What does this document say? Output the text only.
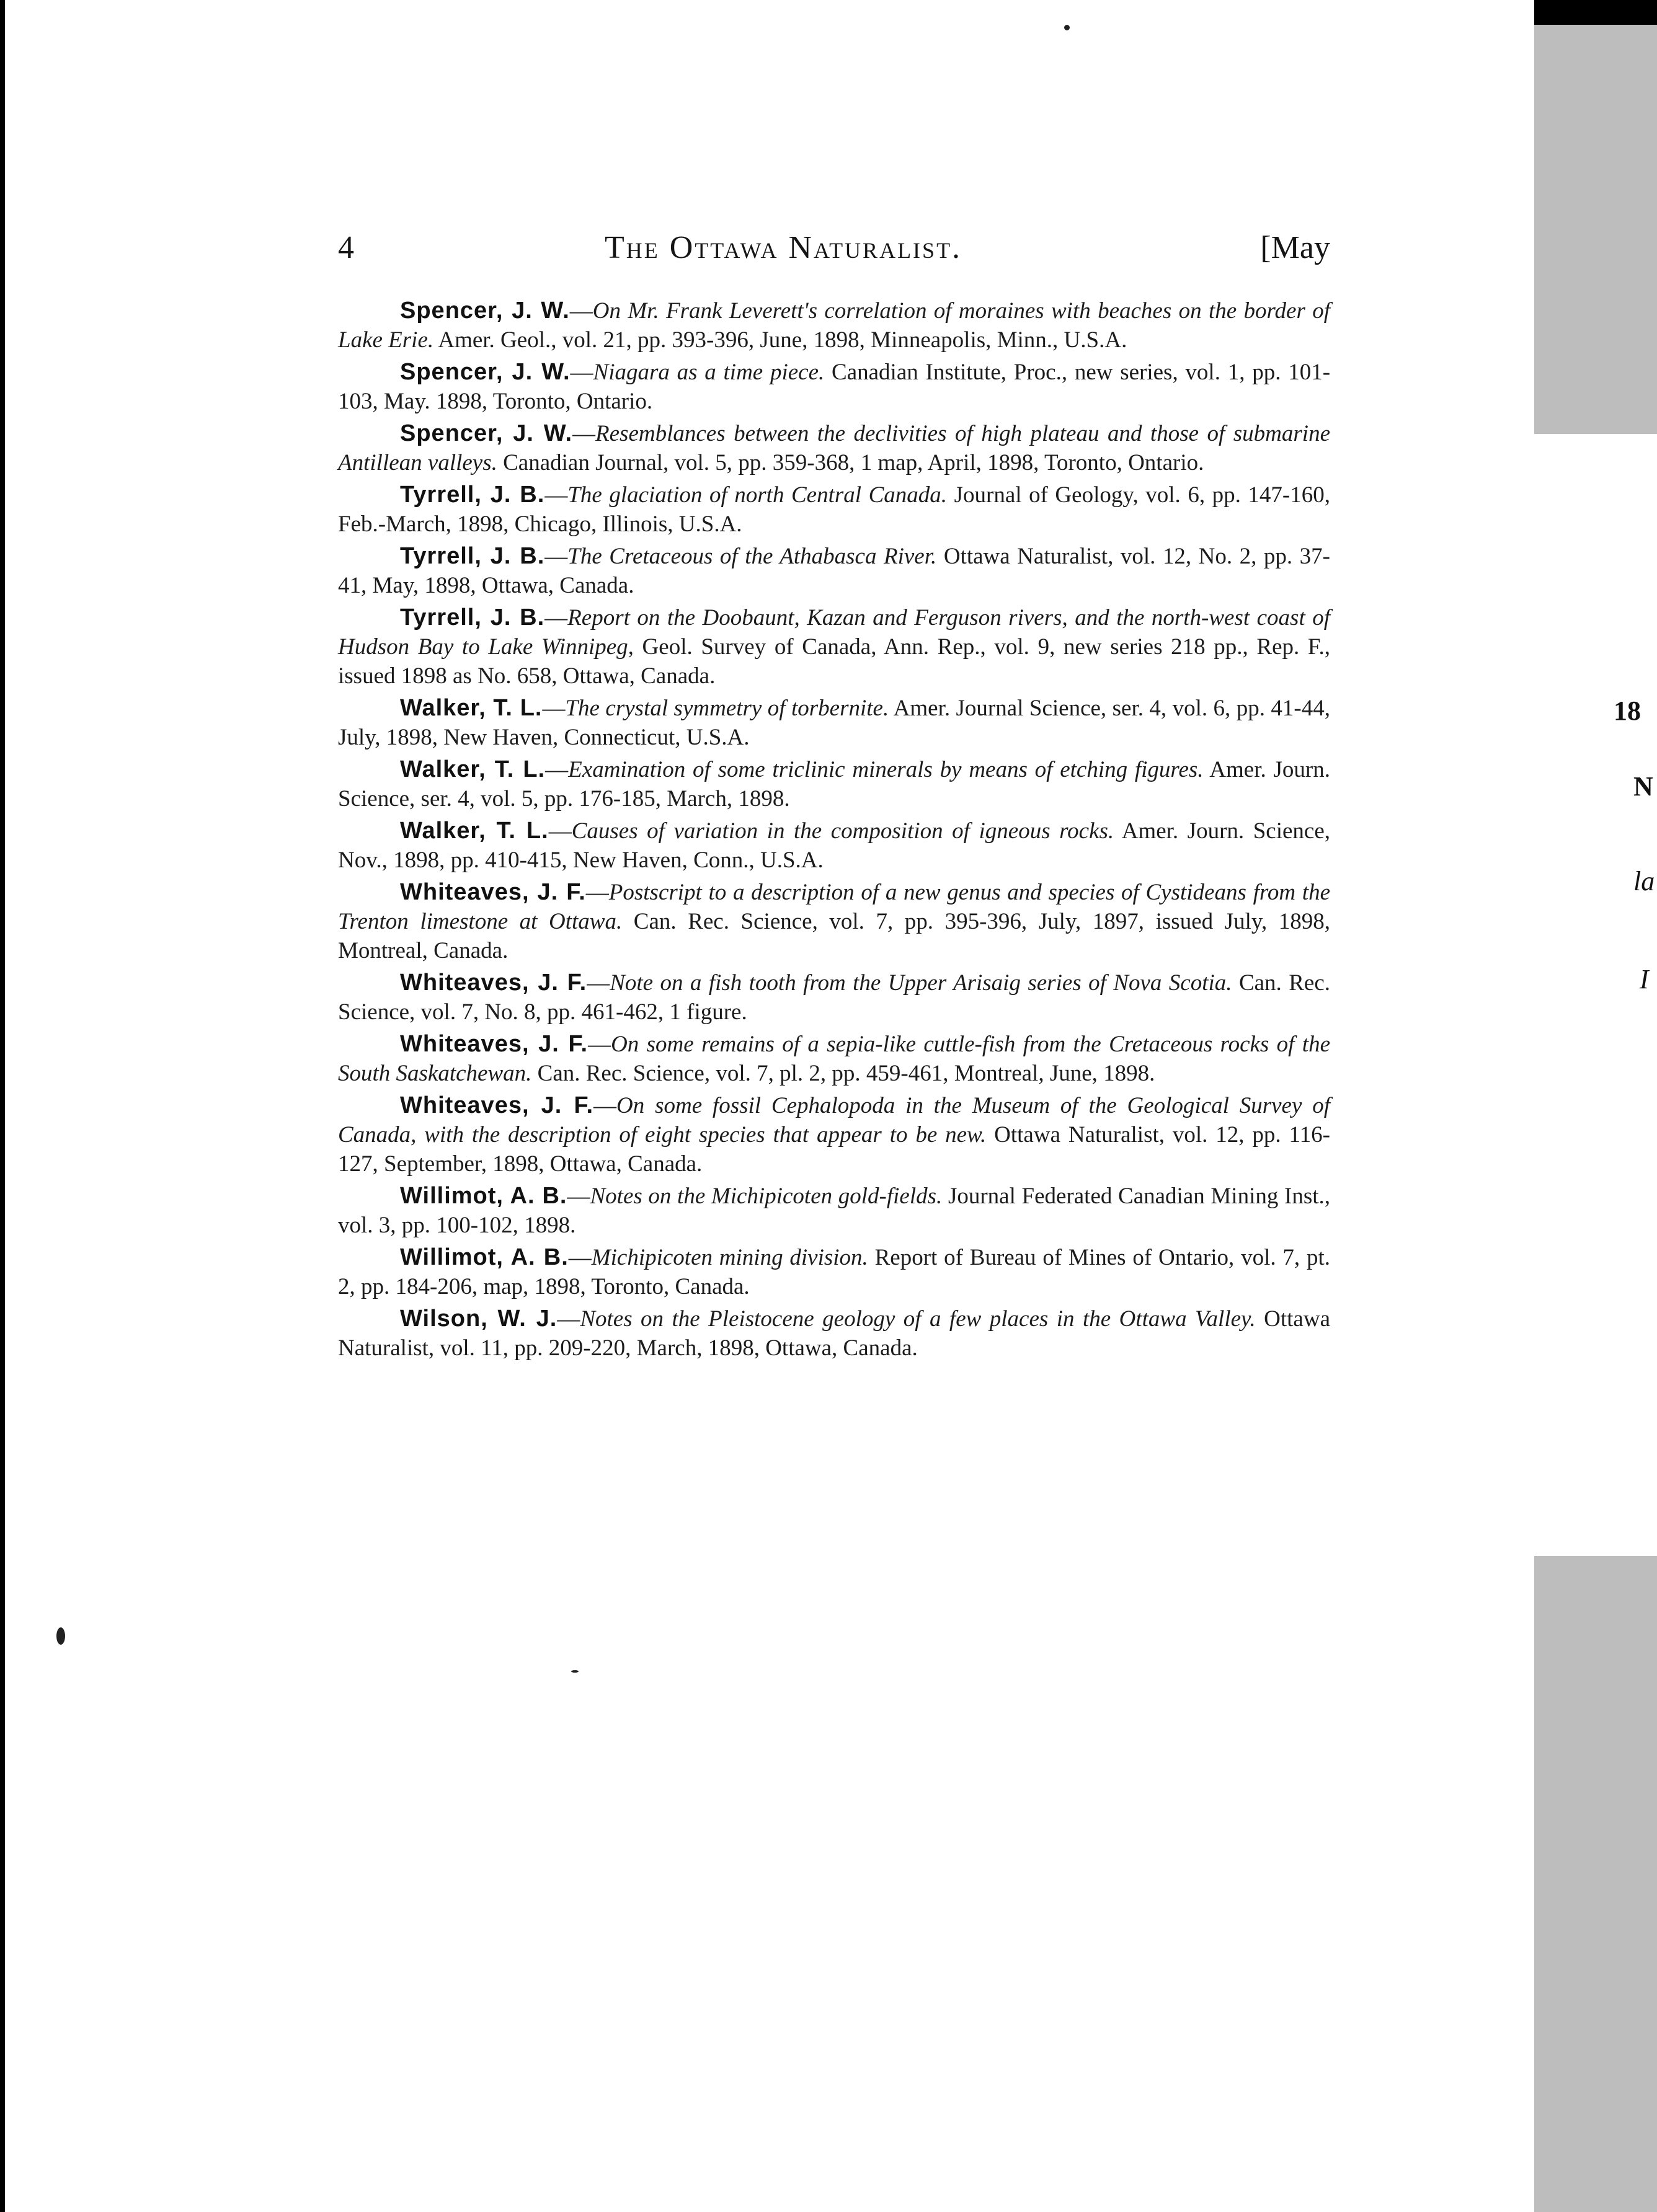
18
N
la
I
4	The Ottawa Naturalist.	[May

Spencer, J. W.—On Mr. Frank Leverett's correlation of moraines with beaches on the border of Lake Erie. Amer. Geol., vol. 21, pp. 393-396, June, 1898, Minneapolis, Minn., U.S.A.

Spencer, J. W.—Niagara as a time piece. Canadian Institute, Proc., new series, vol. 1, pp. 101-103, May. 1898, Toronto, Ontario.

Spencer, J. W.—Resemblances between the declivities of high plateau and those of submarine Antillean valleys. Canadian Journal, vol. 5, pp. 359-368, 1 map, April, 1898, Toronto, Ontario.

Tyrrell, J. B.—The glaciation of north Central Canada. Journal of Geology, vol. 6, pp. 147-160, Feb.-March, 1898, Chicago, Illinois, U.S.A.

Tyrrell, J. B.—The Cretaceous of the Athabasca River. Ottawa Naturalist, vol. 12, No. 2, pp. 37-41, May, 1898, Ottawa, Canada.

Tyrrell, J. B.—Report on the Doobaunt, Kazan and Ferguson rivers, and the north-west coast of Hudson Bay to Lake Winnipeg, Geol. Survey of Canada, Ann. Rep., vol. 9, new series 218 pp., Rep. F., issued 1898 as No. 658, Ottawa, Canada.

Walker, T. L.—The crystal symmetry of torbernite. Amer. Journal Science, ser. 4, vol. 6, pp. 41-44, July, 1898, New Haven, Connecticut, U.S.A.

Walker, T. L.—Examination of some triclinic minerals by means of etching figures. Amer. Journ. Science, ser. 4, vol. 5, pp. 176-185, March, 1898.

Walker, T. L.—Causes of variation in the composition of igneous rocks. Amer. Journ. Science, Nov., 1898, pp. 410-415, New Haven, Conn., U.S.A.

Whiteaves, J. F.—Postscript to a description of a new genus and species of Cystideans from the Trenton limestone at Ottawa. Can. Rec. Science, vol. 7, pp. 395-396, July, 1897, issued July, 1898, Montreal, Canada.

Whiteaves, J. F.—Note on a fish tooth from the Upper Arisaig series of Nova Scotia. Can. Rec. Science, vol. 7, No. 8, pp. 461-462, 1 figure.

Whiteaves, J. F.—On some remains of a sepia-like cuttle-fish from the Cretaceous rocks of the South Saskatchewan. Can. Rec. Science, vol. 7, pl. 2, pp. 459-461, Montreal, June, 1898.

Whiteaves, J. F.—On some fossil Cephalopoda in the Museum of the Geological Survey of Canada, with the description of eight species that appear to be new. Ottawa Naturalist, vol. 12, pp. 116-127, September, 1898, Ottawa, Canada.

Willimot, A. B.—Notes on the Michipicoten gold-fields. Journal Federated Canadian Mining Inst., vol. 3, pp. 100-102, 1898.

Willimot, A. B.—Michipicoten mining division. Report of Bureau of Mines of Ontario, vol. 7, pt. 2, pp. 184-206, map, 1898, Toronto, Canada.

Wilson, W. J.—Notes on the Pleistocene geology of a few places in the Ottawa Valley. Ottawa Naturalist, vol. 11, pp. 209-220, March, 1898, Ottawa, Canada.
